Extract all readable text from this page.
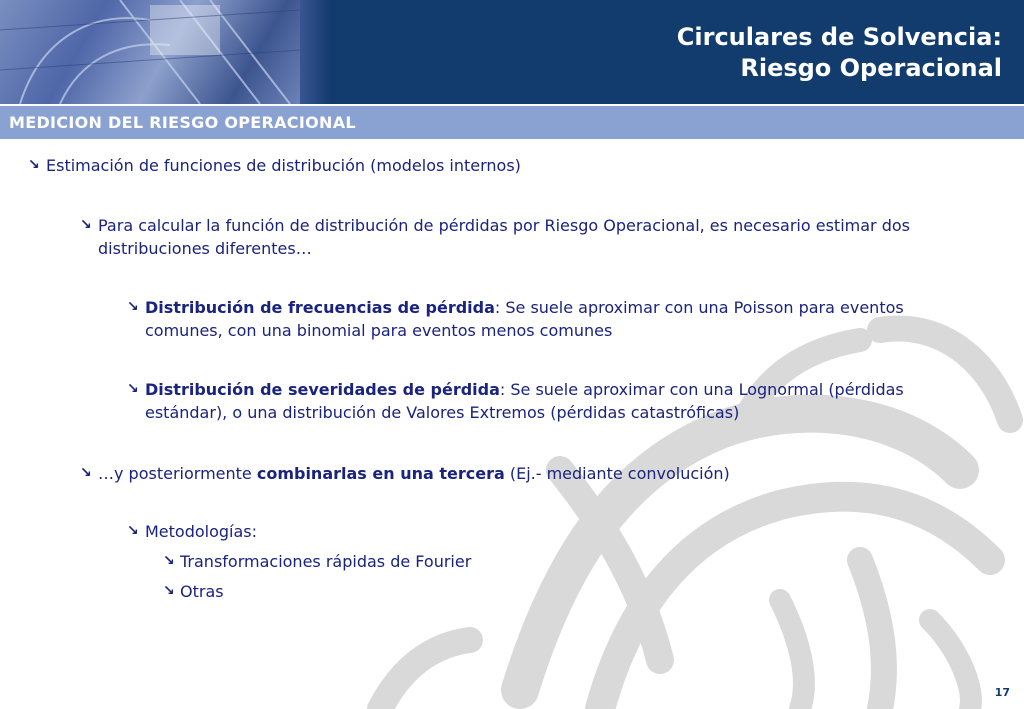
Circulares de Solvencia:
Riesgo Operacional
MEDICION DEL RIESGO OPERACIONAL
↘ Estimación de funciones de distribución (modelos internos)
↘ Para calcular la función de distribución de pérdidas por Riesgo Operacional, es necesario estimar dos distribuciones diferentes…
↘ Distribución de frecuencias de pérdida: Se suele aproximar con una Poisson para eventos comunes, con una binomial para eventos menos comunes
↘ Distribución de severidades de pérdida: Se suele aproximar con una Lognormal (pérdidas estándar), o una distribución de Valores Extremos (pérdidas catastróficas)
↘ …y posteriormente combinarlas en una tercera (Ej.- mediante convolución)
↘ Metodologías:
↘ Transformaciones rápidas de Fourier
↘ Otras
17
